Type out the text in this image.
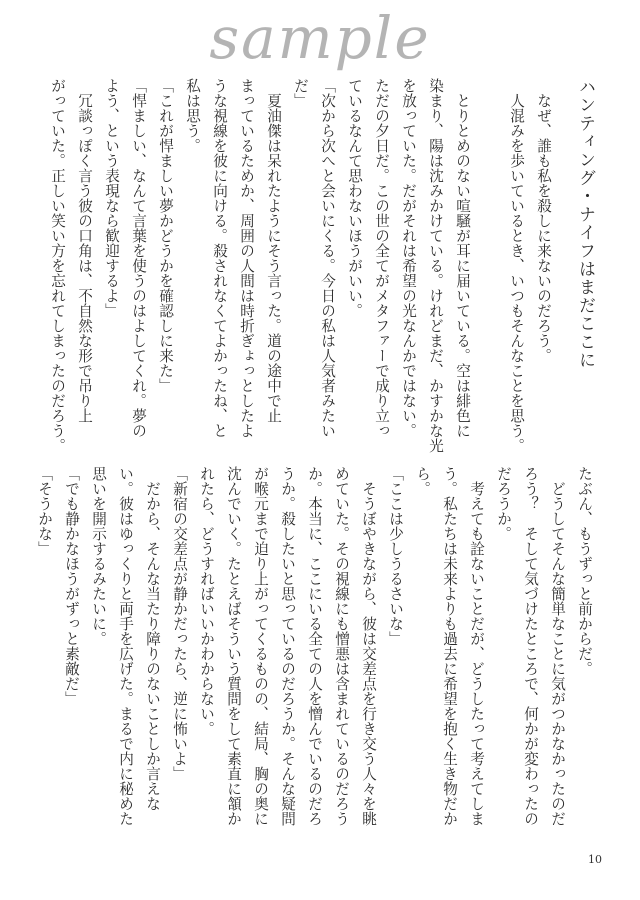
sample
ハンティング・ナイフはまだここに
なぜ、誰も私を殺しに来ないのだろう。
人混みを歩いているとき、いつもそんなことを思う。
とりとめのない喧騒が耳に届いている。空は緋色に
染まり、陽は沈みかけている。けれどまだ、かすかな光
を放っていた。だがそれは希望の光なんかではない。
ただの夕日だ。この世の全てがメタファーで成り立っ
ているなんて思わないほうがいい。
「次から次へと会いにくる。今日の私は人気者みたい
だ」
夏油傑は呆れたようにそう言った。道の途中で止
まっているためか、周囲の人間は時折ぎょっとしたよ
うな視線を彼に向ける。殺されなくてよかったね、と
私は思う。
「これが悍ましい夢かどうかを確認しに来た」
「悍ましい、なんて言葉を使うのはよしてくれ。夢の
よう、という表現なら歓迎するよ」
冗談っぽく言う彼の口角は、不自然な形で吊り上
がっていた。正しい笑い方を忘れてしまったのだろう。
たぶん、もうずっと前からだ。
どうしてそんな簡単なことに気がつかなかったのだ
ろう？　そして気づけたところで、何かが変わったの
だろうか。
考えても詮ないことだが、どうしたって考えてしま
う。私たちは未来よりも過去に希望を抱く生き物だか
ら。
「ここは少しうるさいな」
そうぼやきながら、彼は交差点を行き交う人々を眺
めていた。その視線にも憎悪は含まれているのだろう
か。本当に、ここにいる全ての人を憎んでいるのだろ
うか。殺したいと思っているのだろうか。そんな疑問
が喉元まで迫り上がってくるものの、結局、胸の奥に
沈んでいく。たとえばそういう質問をして素直に頷か
れたら、どうすればいいかわからない。
「新宿の交差点が静かだったら、逆に怖いよ」
だから、そんな当たり障りのないことしか言えな
い。彼はゆっくりと両手を広げた。まるで内に秘めた
思いを開示するみたいに。
「でも静かなほうがずっと素敵だ」
「そうかな」
10
